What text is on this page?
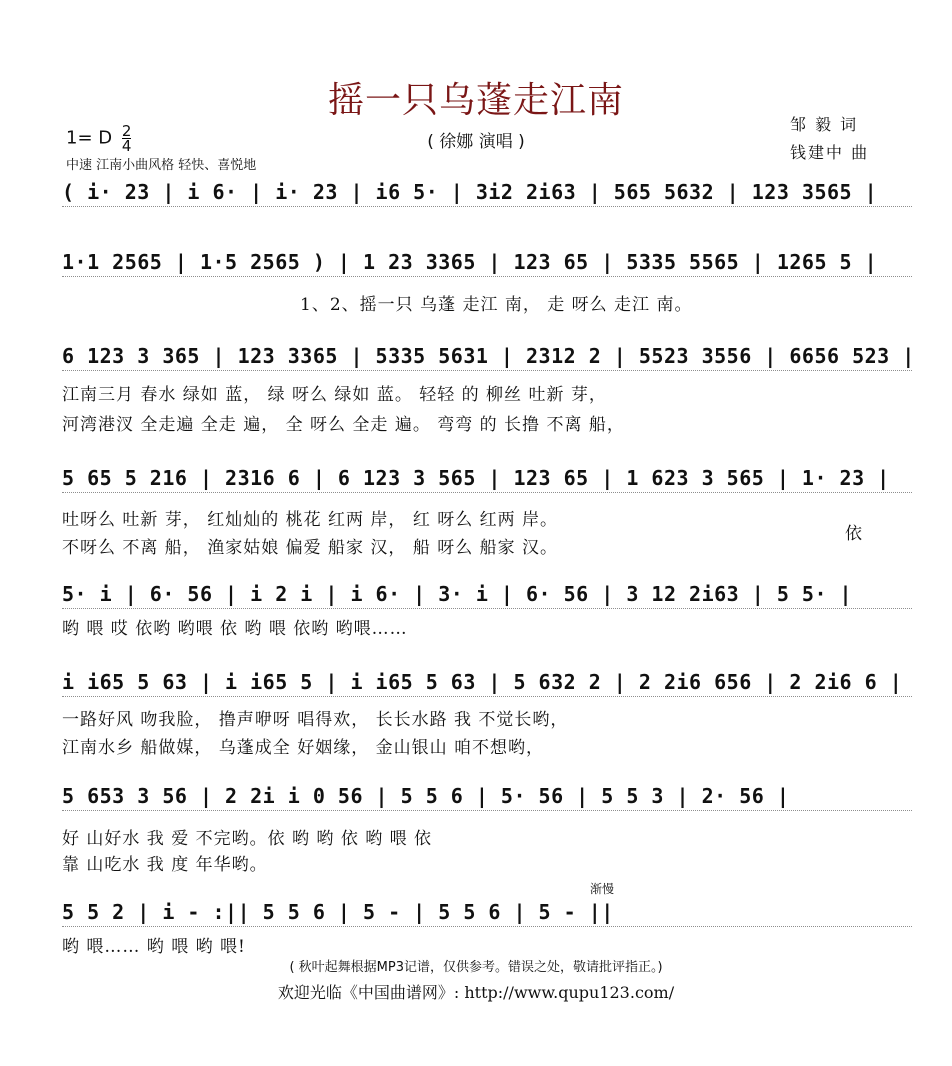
摇一只乌蓬走江南
( 徐娜 演唱 )
邹 毅 词
钱建中 曲
1= D $\frac{2}{4}$
中速 江南小曲风格 轻快、喜悦地
( i· 23 | i 6· | i· 23 | i6 5· | 3i2 2i63 | 565 5632 | 123 3565 |
1·1 2565 | 1·5 2565 ) | 1 23 3365 | 123 65 | 5335 5565 | 1265 5 |
1、2、摇一只 乌蓬 走江 南， 走 呀么 走江 南。
6 123 3 365 | 123 3365 | 5335 5631 | 2312 2 | 5523 3556 | 6656 523 |
江南三月 春水 绿如 蓝， 绿 呀么 绿如 蓝。 轻轻 的 柳丝 吐新 芽，
河湾港汊 全走遍 全走 遍， 全 呀么 全走 遍。 弯弯 的 长撸 不离 船，
5 65 5 216 | 2316 6 | 6 123 3 565 | 123 65 | 1 623 3 565 | 1· 23 |
吐呀么 吐新 芽， 红灿灿的 桃花 红两 岸， 红 呀么 红两 岸。
不呀么 不离 船， 渔家姑娘 偏爱 船家 汉， 船 呀么 船家 汉。
依
5· i | 6· 56 | i 2 i | i 6· | 3· i | 6· 56 | 3 12 2i63 | 5 5· |
哟 喂 哎 依哟 哟喂 依 哟 喂 依哟 哟喂……
i i65 5 63 | i i65 5 | i i65 5 63 | 5 632 2 | 2 2i6 656 | 2 2i6 6 |
一路好风 吻我脸， 撸声咿呀 唱得欢， 长长水路 我 不觉长哟，
江南水乡 船做媒， 乌蓬成全 好姻缘， 金山银山 咱不想哟，
5 653 3 56 | 2 2i i 0 56 | 5 5 6 | 5· 56 | 5 5 3 | 2· 56 |
好 山好水 我 爱 不完哟。依 哟 哟 依 哟 喂 依
靠 山吃水 我 度 年华哟。
渐慢
5 5 2 | i - :|| 5 5 6 | 5 - | 5 5 6 | 5 - ||
哟 喂…… 哟 喂 哟 喂!
( 秋叶起舞根据MP3记谱，仅供参考。错误之处，敬请批评指正。)
欢迎光临《中国曲谱网》: http://www.qupu123.com/
